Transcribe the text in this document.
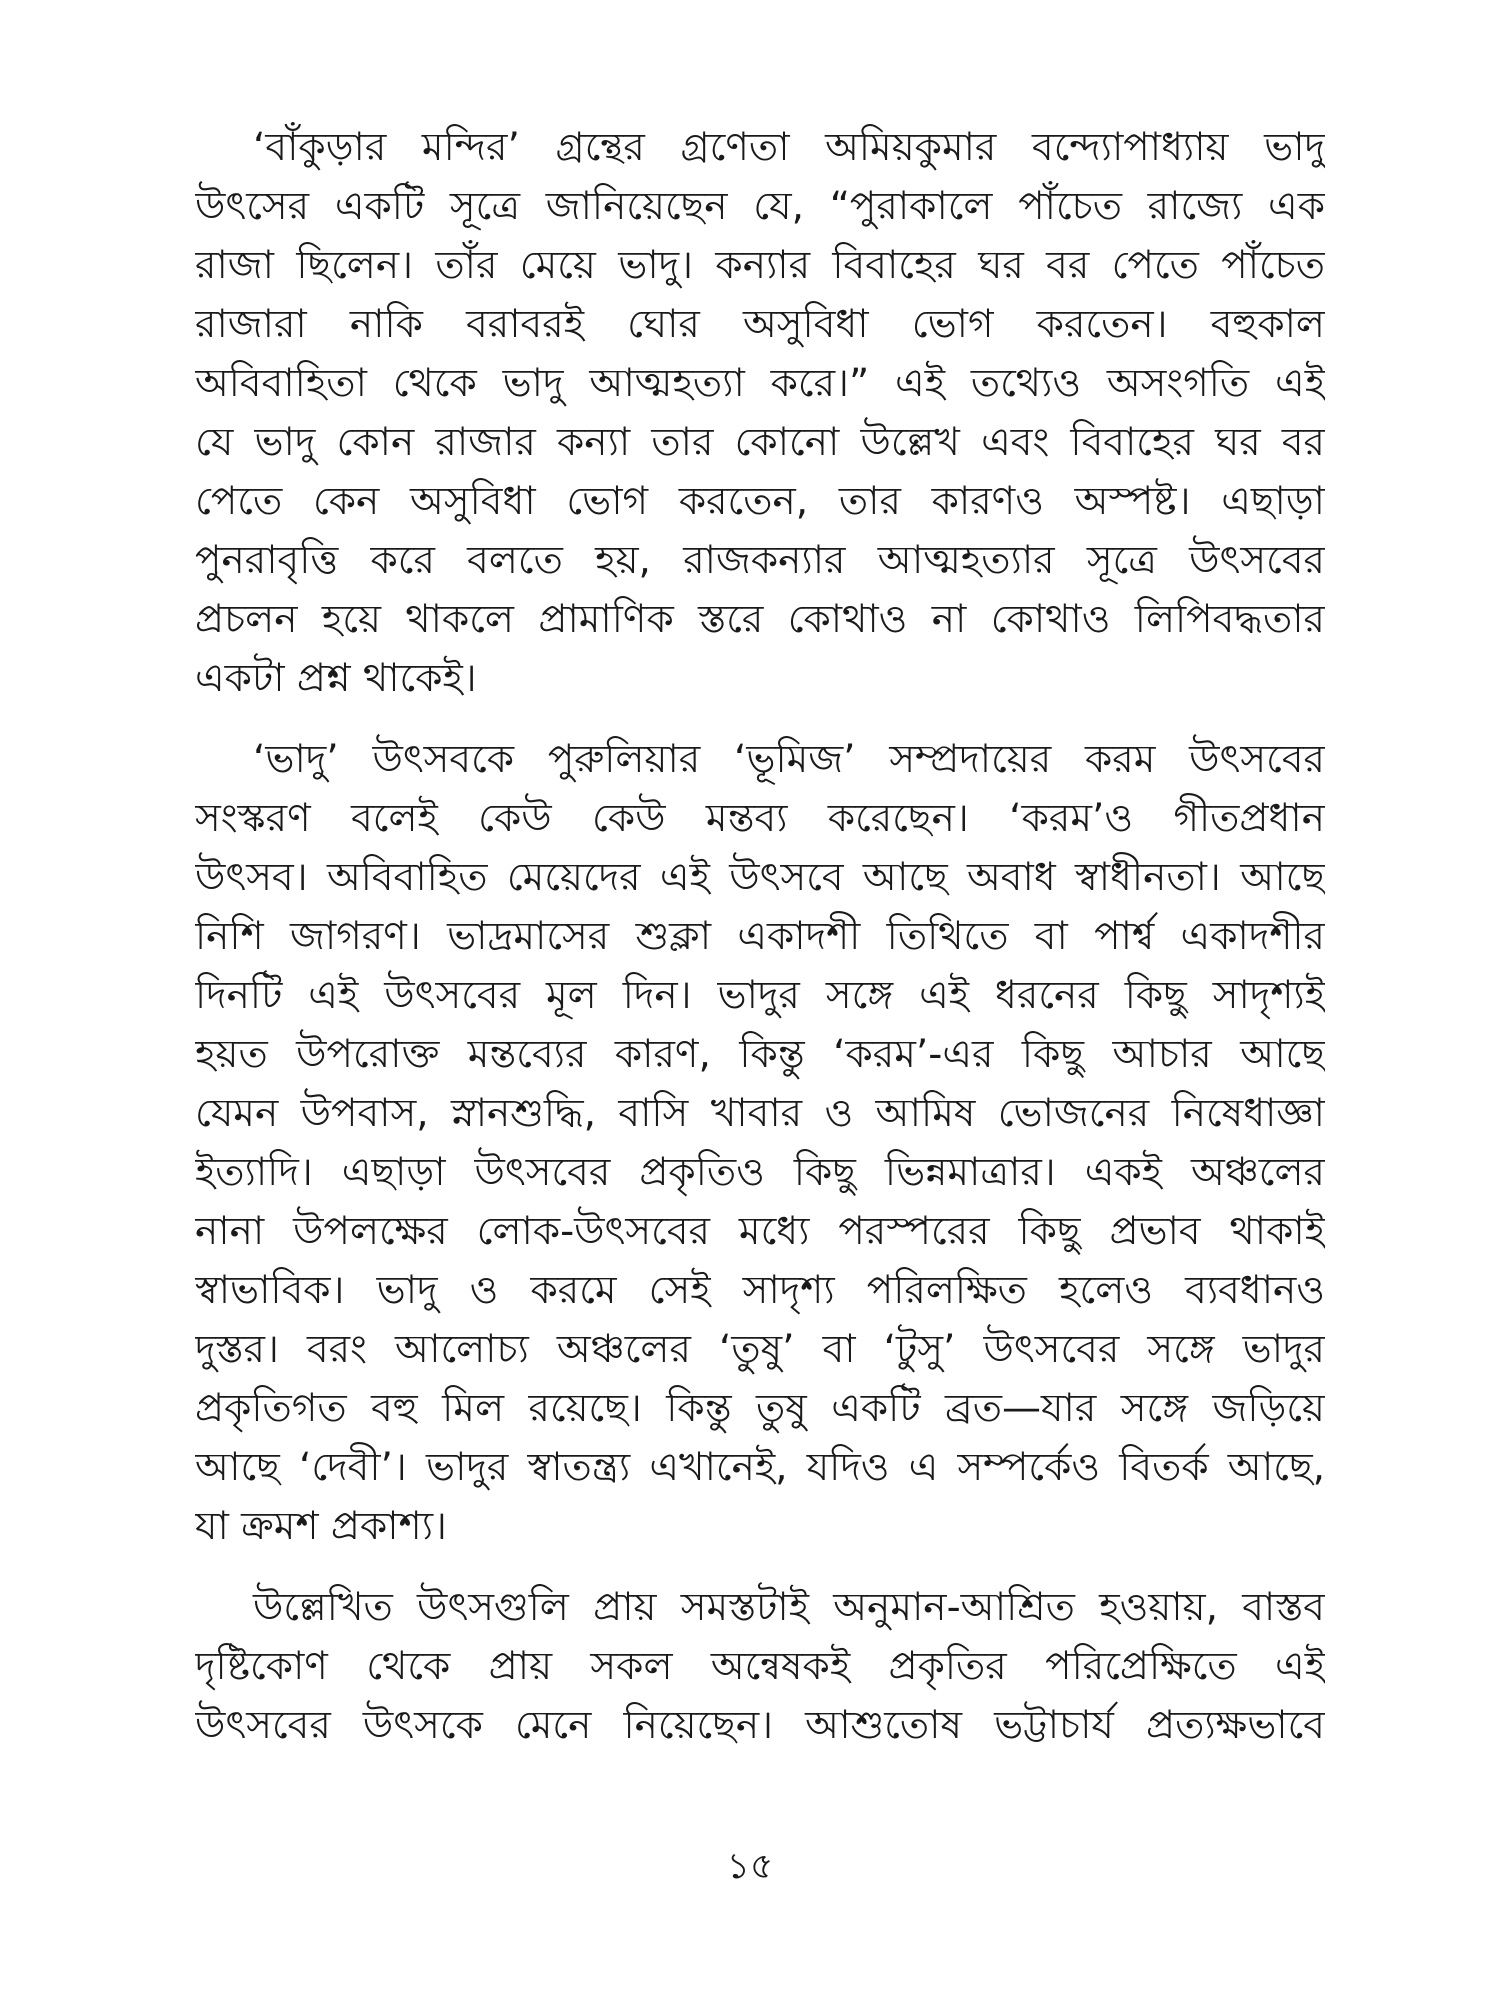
‘বাঁকুড়ার মন্দির’ গ্রন্থের গ্রণেতা অমিয়কুমার বন্দ্যোপাধ্যায় ভাদু
উৎসের একটি সূত্রে জানিয়েছেন যে, “পুরাকালে পাঁচেত রাজ্যে এক
রাজা ছিলেন। তাঁর মেয়ে ভাদু। কন্যার বিবাহের ঘর বর পেতে পাঁচেত
রাজারা নাকি বরাবরই ঘোর অসুবিধা ভোগ করতেন। বহুকাল
অবিবাহিতা থেকে ভাদু আত্মহত্যা করে।” এই তথ্যেও অসংগতি এই
যে ভাদু কোন রাজার কন্যা তার কোনো উল্লেখ এবং বিবাহের ঘর বর
পেতে কেন অসুবিধা ভোগ করতেন, তার কারণও অস্পষ্ট। এছাড়া
পুনরাবৃত্তি করে বলতে হয়, রাজকন্যার আত্মহত্যার সূত্রে উৎসবের
প্রচলন হয়ে থাকলে প্রামাণিক স্তরে কোথাও না কোথাও লিপিবদ্ধতার
একটা প্রশ্ন থাকেই।
‘ভাদু’ উৎসবকে পুরুলিয়ার ‘ভূমিজ’ সম্প্রদায়ের করম উৎসবের
সংস্করণ বলেই কেউ কেউ মন্তব্য করেছেন। ‘করম’ও গীতপ্রধান
উৎসব। অবিবাহিত মেয়েদের এই উৎসবে আছে অবাধ স্বাধীনতা। আছে
নিশি জাগরণ। ভাদ্রমাসের শুক্লা একাদশী তিথিতে বা পার্শ্ব একাদশীর
দিনটি এই উৎসবের মূল দিন। ভাদুর সঙ্গে এই ধরনের কিছু সাদৃশ্যই
হয়ত উপরোক্ত মন্তব্যের কারণ, কিন্তু ‘করম’-এর কিছু আচার আছে
যেমন উপবাস, স্নানশুদ্ধি, বাসি খাবার ও আমিষ ভোজনের নিষেধাজ্ঞা
ইত্যাদি। এছাড়া উৎসবের প্রকৃতিও কিছু ভিন্নমাত্রার। একই অঞ্চলের
নানা উপলক্ষের লোক-উৎসবের মধ্যে পরস্পরের কিছু প্রভাব থাকাই
স্বাভাবিক। ভাদু ও করমে সেই সাদৃশ্য পরিলক্ষিত হলেও ব্যবধানও
দুস্তর। বরং আলোচ্য অঞ্চলের ‘তুষু’ বা ‘টুসু’ উৎসবের সঙ্গে ভাদুর
প্রকৃতিগত বহু মিল রয়েছে। কিন্তু তুষু একটি ব্রত—যার সঙ্গে জড়িয়ে
আছে ‘দেবী’। ভাদুর স্বাতন্ত্র্য এখানেই, যদিও এ সম্পর্কেও বিতর্ক আছে,
যা ক্রমশ প্রকাশ্য।
উল্লেখিত উৎসগুলি প্রায় সমস্তটাই অনুমান-আশ্রিত হওয়ায়, বাস্তব
দৃষ্টিকোণ থেকে প্রায় সকল অন্বেষকই প্রকৃতির পরিপ্রেক্ষিতে এই
উৎসবের উৎসকে মেনে নিয়েছেন। আশুতোষ ভট্টাচার্য প্রত্যক্ষভাবে
১৫
